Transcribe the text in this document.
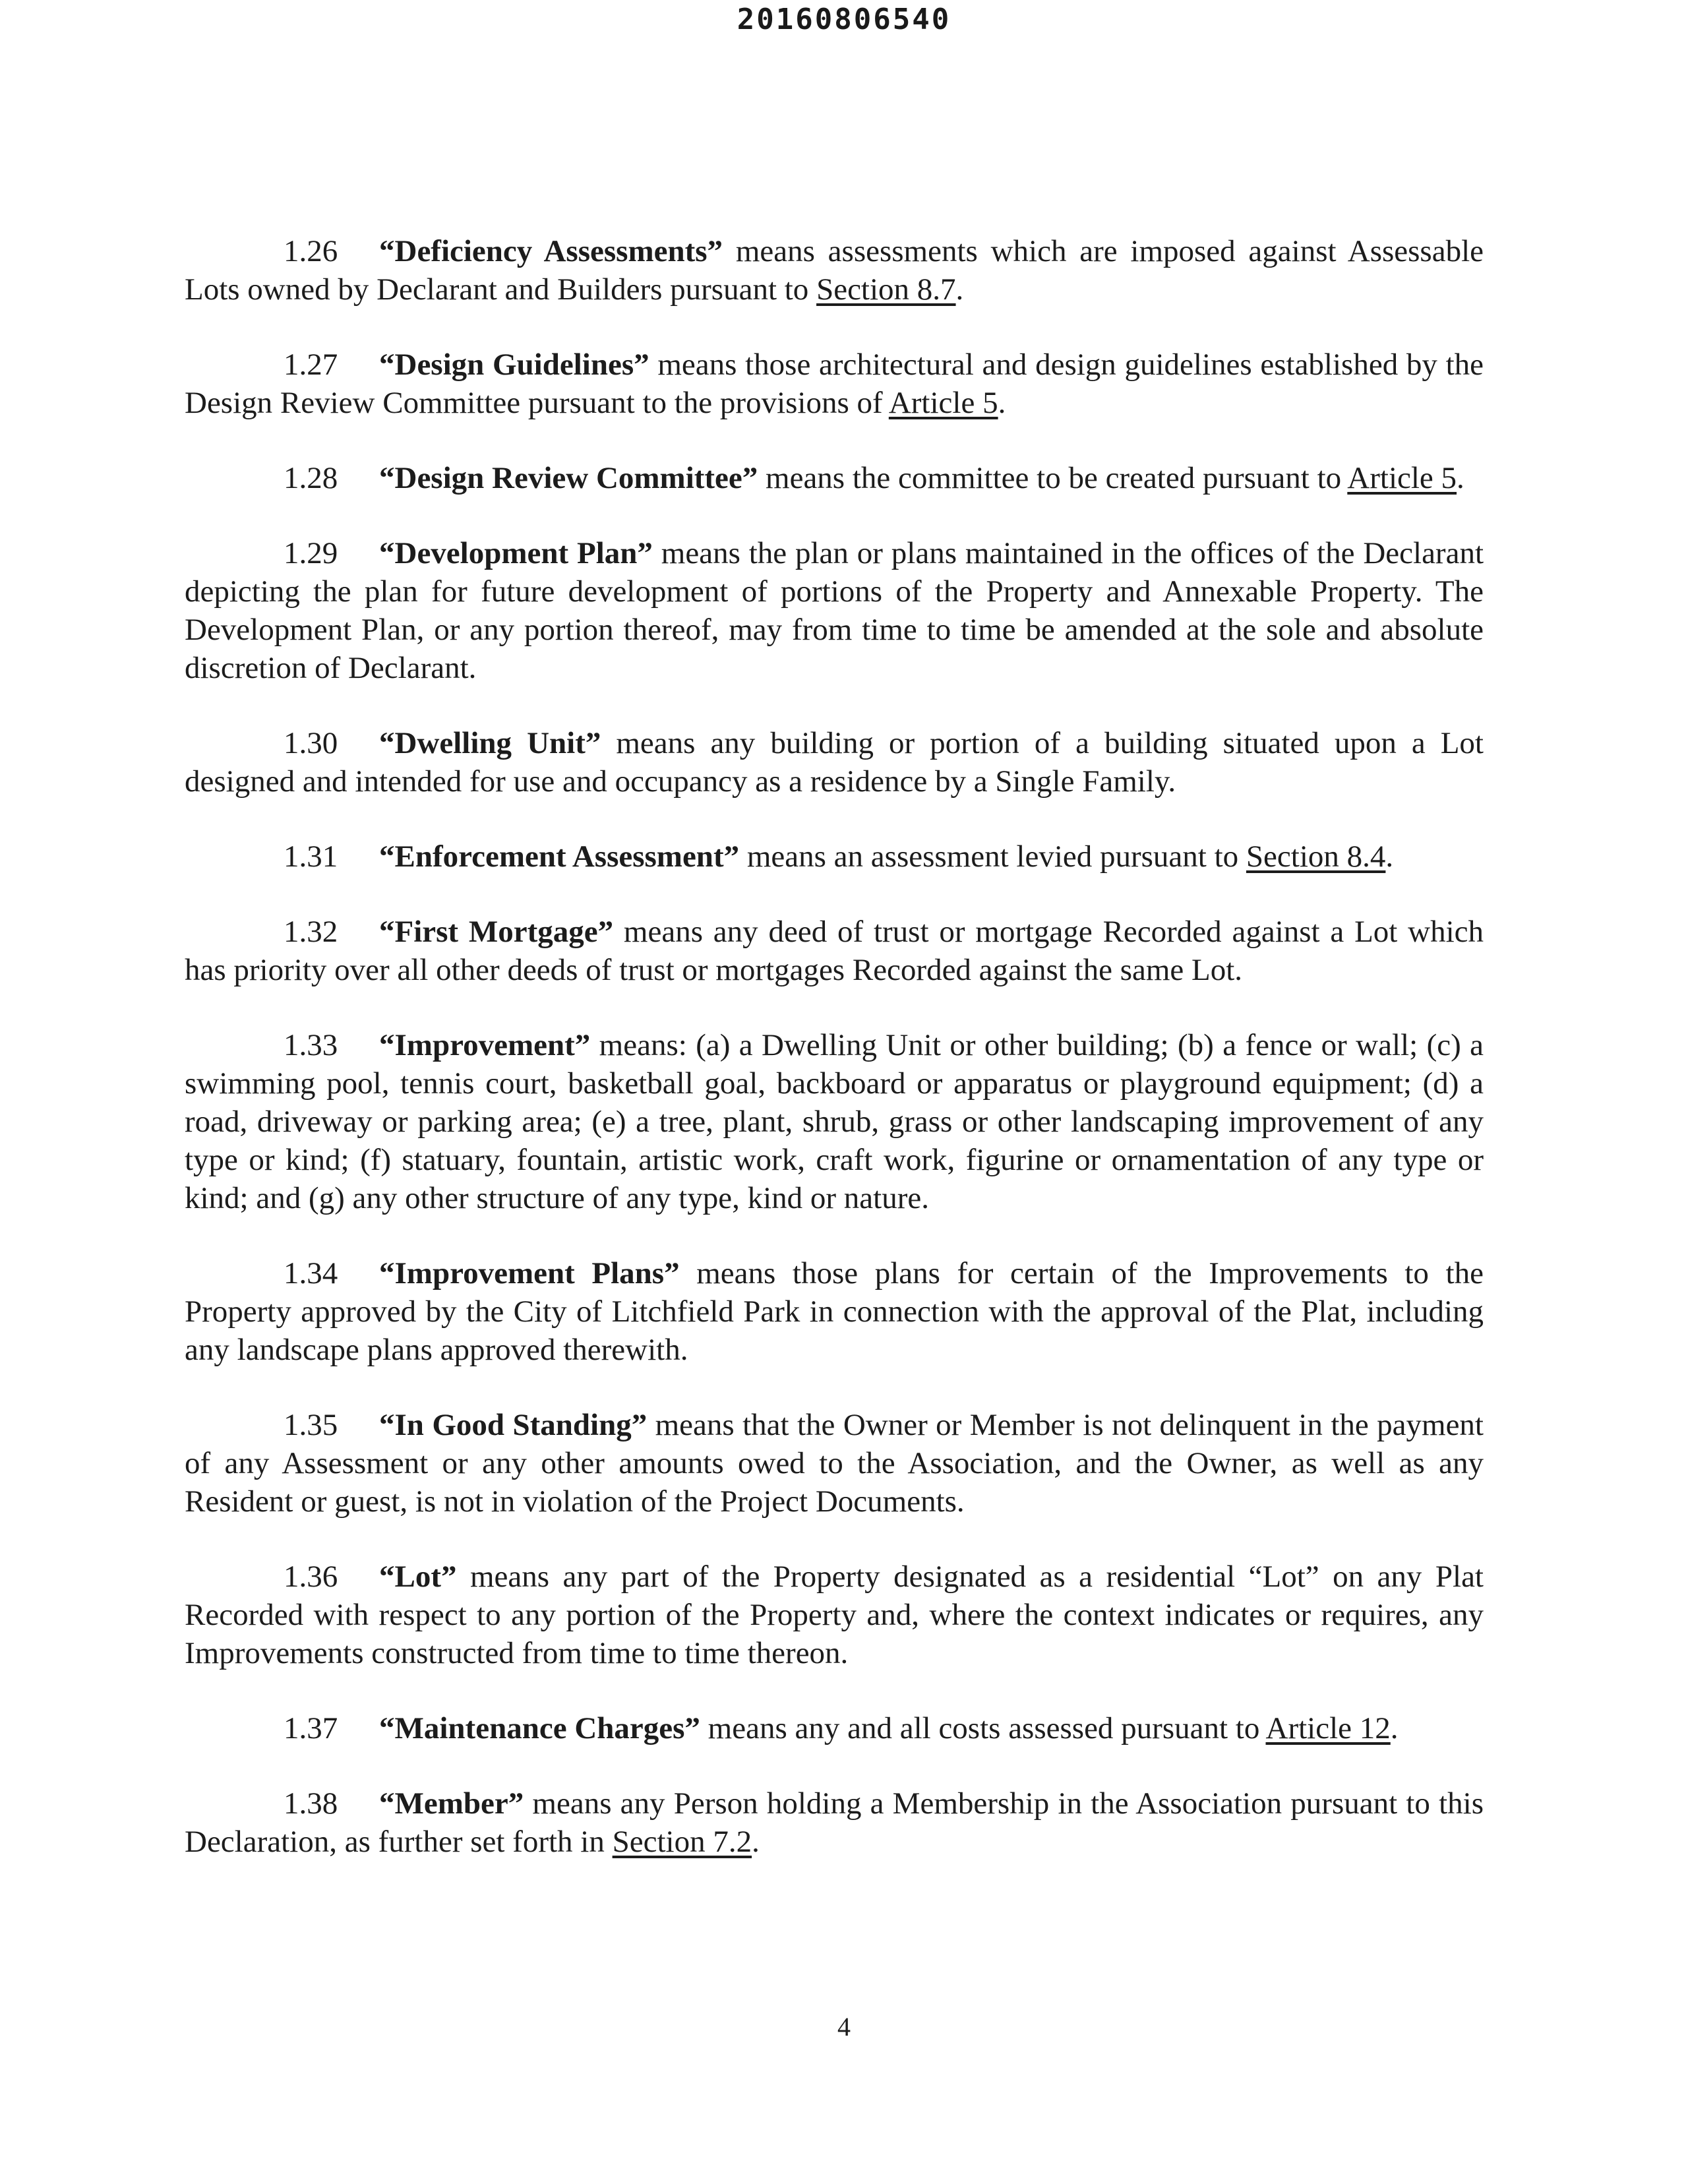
20160806540

1.26 “Deficiency Assessments” means assessments which are imposed against Assessable Lots owned by Declarant and Builders pursuant to Section 8.7.

1.27 “Design Guidelines” means those architectural and design guidelines established by the Design Review Committee pursuant to the provisions of Article 5.

1.28 “Design Review Committee” means the committee to be created pursuant to Article 5.

1.29 “Development Plan” means the plan or plans maintained in the offices of the Declarant depicting the plan for future development of portions of the Property and Annexable Property. The Development Plan, or any portion thereof, may from time to time be amended at the sole and absolute discretion of Declarant.

1.30 “Dwelling Unit” means any building or portion of a building situated upon a Lot designed and intended for use and occupancy as a residence by a Single Family.

1.31 “Enforcement Assessment” means an assessment levied pursuant to Section 8.4.

1.32 “First Mortgage” means any deed of trust or mortgage Recorded against a Lot which has priority over all other deeds of trust or mortgages Recorded against the same Lot.

1.33 “Improvement” means: (a) a Dwelling Unit or other building; (b) a fence or wall; (c) a swimming pool, tennis court, basketball goal, backboard or apparatus or playground equipment; (d) a road, driveway or parking area; (e) a tree, plant, shrub, grass or other landscaping improvement of any type or kind; (f) statuary, fountain, artistic work, craft work, figurine or ornamentation of any type or kind; and (g) any other structure of any type, kind or nature.

1.34 “Improvement Plans” means those plans for certain of the Improvements to the Property approved by the City of Litchfield Park in connection with the approval of the Plat, including any landscape plans approved therewith.

1.35 “In Good Standing” means that the Owner or Member is not delinquent in the payment of any Assessment or any other amounts owed to the Association, and the Owner, as well as any Resident or guest, is not in violation of the Project Documents.

1.36 “Lot” means any part of the Property designated as a residential “Lot” on any Plat Recorded with respect to any portion of the Property and, where the context indicates or requires, any Improvements constructed from time to time thereon.

1.37 “Maintenance Charges” means any and all costs assessed pursuant to Article 12.

1.38 “Member” means any Person holding a Membership in the Association pursuant to this Declaration, as further set forth in Section 7.2.

4
